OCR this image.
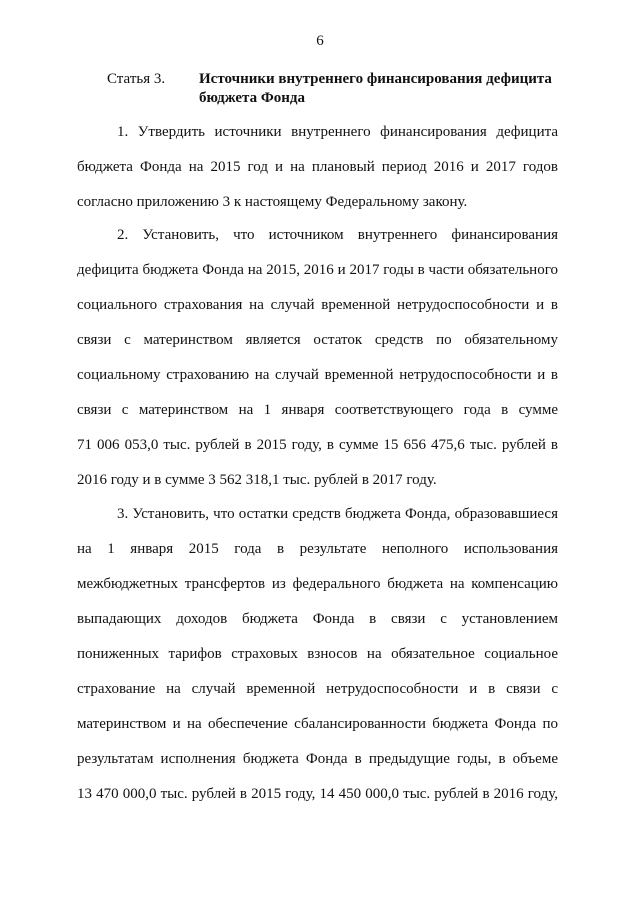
6
Статья 3. Источники внутреннего финансирования дефицита бюджета Фонда
1. Утвердить источники внутреннего финансирования дефицита
бюджета Фонда на 2015 год и на плановый период 2016 и 2017 годов
согласно приложению 3 к настоящему Федеральному закону.
2. Установить, что источником внутреннего финансирования
дефицита бюджета Фонда на 2015, 2016 и 2017 годы в части обязательного
социального страхования на случай временной нетрудоспособности и в
связи с материнством является остаток средств по обязательному
социальному страхованию на случай временной нетрудоспособности и в
связи с материнством на 1 января соответствующего года в сумме
71 006 053,0 тыс. рублей в 2015 году, в сумме 15 656 475,6 тыс. рублей в
2016 году и в сумме 3 562 318,1 тыс. рублей в 2017 году.
3. Установить, что остатки средств бюджета Фонда, образовавшиеся
на 1 января 2015 года в результате неполного использования
межбюджетных трансфертов из федерального бюджета на компенсацию
выпадающих доходов бюджета Фонда в связи с установлением
пониженных тарифов страховых взносов на обязательное социальное
страхование на случай временной нетрудоспособности и в связи с
материнством и на обеспечение сбалансированности бюджета Фонда по
результатам исполнения бюджета Фонда в предыдущие годы, в объеме
13 470 000,0 тыс. рублей в 2015 году, 14 450 000,0 тыс. рублей в 2016 году,
